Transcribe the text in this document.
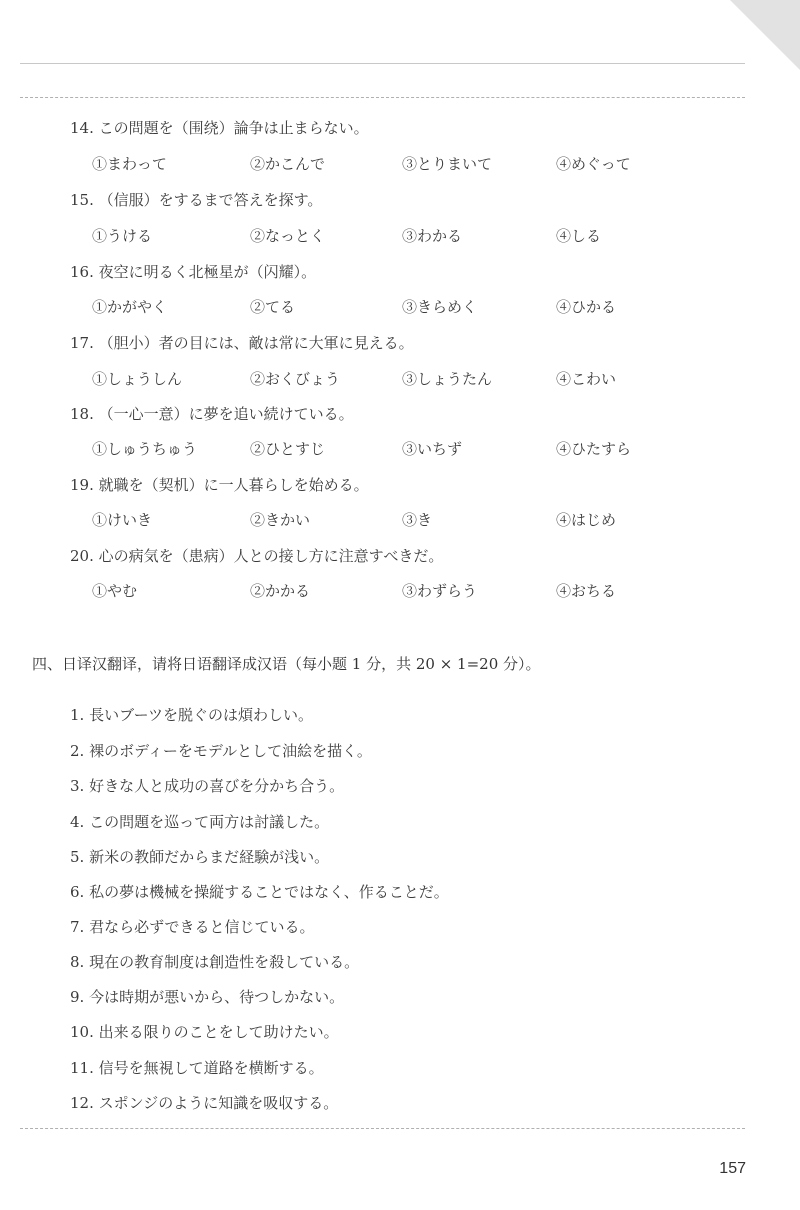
14. この問題を（围绕）論争は止まらない。
①まわって	②かこんで	③とりまいて	④めぐって
15. （信服）をするまで答えを探す。
①うける	②なっとく	③わかる	④しる
16. 夜空に明るく北極星が（闪耀）。
①かがやく	②てる	③きらめく	④ひかる
17. （胆小）者の目には、敵は常に大軍に見える。
①しょうしん	②おくびょう	③しょうたん	④こわい
18. （一心一意）に夢を追い続けている。
①しゅうちゅう	②ひとすじ	③いちず	④ひたすら
19. 就職を（契机）に一人暮らしを始める。
①けいき	②きかい	③き	④はじめ
20. 心の病気を（患病）人との接し方に注意すべきだ。
①やむ	②かかる	③わずらう	④おちる
四、日译汉翻译，请将日语翻译成汉语（每小题 1 分，共 20 × 1=20 分）。
1. 長いブーツを脱ぐのは煩わしい。
2. 裸のボディーをモデルとして油絵を描く。
3. 好きな人と成功の喜びを分かち合う。
4. この問題を巡って両方は討議した。
5. 新米の教師だからまだ経験が浅い。
6. 私の夢は機械を操縦することではなく、作ることだ。
7. 君なら必ずできると信じている。
8. 現在の教育制度は創造性を殺している。
9. 今は時期が悪いから、待つしかない。
10. 出来る限りのことをして助けたい。
11. 信号を無視して道路を横断する。
12. スポンジのように知識を吸収する。
157
